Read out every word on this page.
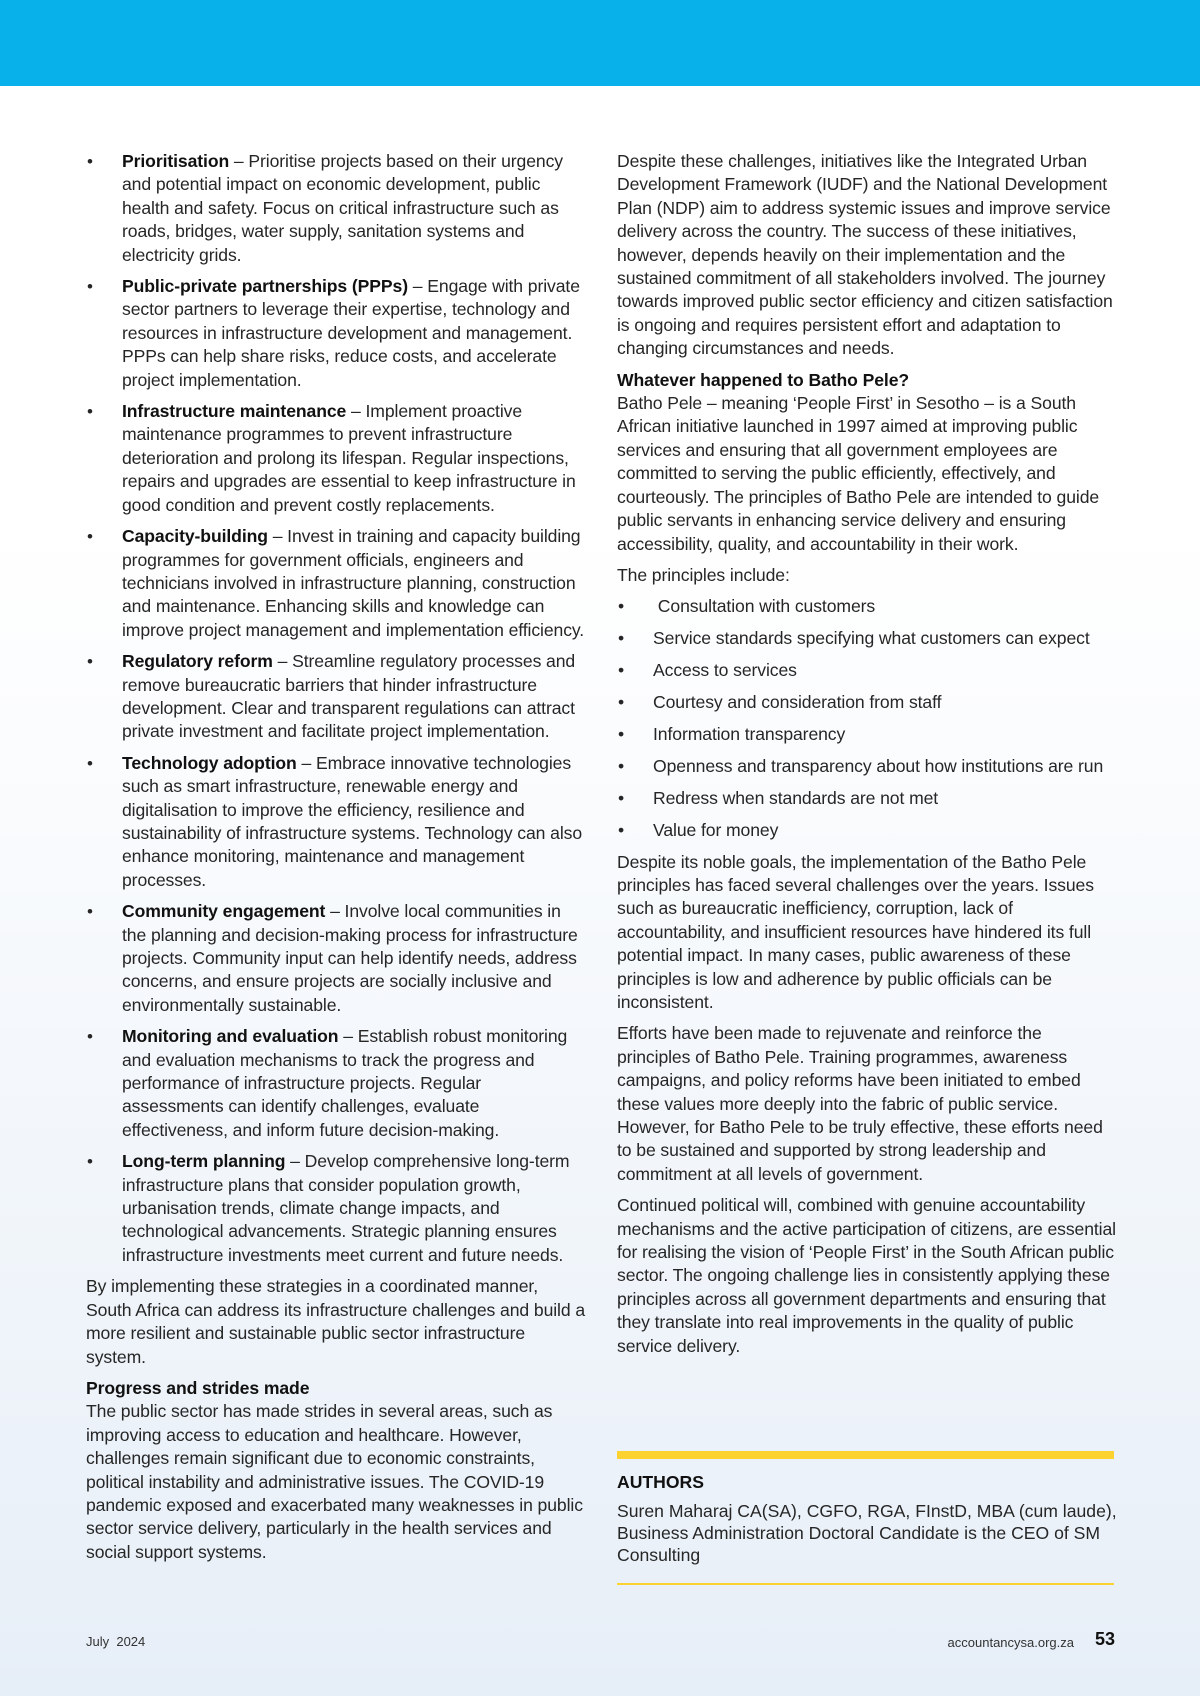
• Prioritisation – Prioritise projects based on their urgency and potential impact on economic development, public health and safety. Focus on critical infrastructure such as roads, bridges, water supply, sanitation systems and electricity grids.
• Public-private partnerships (PPPs) – Engage with private sector partners to leverage their expertise, technology and resources in infrastructure development and management. PPPs can help share risks, reduce costs, and accelerate project implementation.
• Infrastructure maintenance – Implement proactive maintenance programmes to prevent infrastructure deterioration and prolong its lifespan. Regular inspections, repairs and upgrades are essential to keep infrastructure in good condition and prevent costly replacements.
• Capacity-building – Invest in training and capacity building programmes for government officials, engineers and technicians involved in infrastructure planning, construction and maintenance. Enhancing skills and knowledge can improve project management and implementation efficiency.
• Regulatory reform – Streamline regulatory processes and remove bureaucratic barriers that hinder infrastructure development. Clear and transparent regulations can attract private investment and facilitate project implementation.
• Technology adoption – Embrace innovative technologies such as smart infrastructure, renewable energy and digitalisation to improve the efficiency, resilience and sustainability of infrastructure systems. Technology can also enhance monitoring, maintenance and management processes.
• Community engagement – Involve local communities in the planning and decision-making process for infrastructure projects. Community input can help identify needs, address concerns, and ensure projects are socially inclusive and environmentally sustainable.
• Monitoring and evaluation – Establish robust monitoring and evaluation mechanisms to track the progress and performance of infrastructure projects. Regular assessments can identify challenges, evaluate effectiveness, and inform future decision-making.
• Long-term planning – Develop comprehensive long-term infrastructure plans that consider population growth, urbanisation trends, climate change impacts, and technological advancements. Strategic planning ensures infrastructure investments meet current and future needs.

By implementing these strategies in a coordinated manner, South Africa can address its infrastructure challenges and build a more resilient and sustainable public sector infrastructure system.

Progress and strides made

The public sector has made strides in several areas, such as improving access to education and healthcare. However, challenges remain significant due to economic constraints, political instability and administrative issues. The COVID-19 pandemic exposed and exacerbated many weaknesses in public sector service delivery, particularly in the health services and social support systems.

Despite these challenges, initiatives like the Integrated Urban Development Framework (IUDF) and the National Development Plan (NDP) aim to address systemic issues and improve service delivery across the country. The success of these initiatives, however, depends heavily on their implementation and the sustained commitment of all stakeholders involved. The journey towards improved public sector efficiency and citizen satisfaction is ongoing and requires persistent effort and adaptation to changing circumstances and needs.

Whatever happened to Batho Pele?

Batho Pele – meaning ‘People First’ in Sesotho – is a South African initiative launched in 1997 aimed at improving public services and ensuring that all government employees are committed to serving the public efficiently, effectively, and courteously. The principles of Batho Pele are intended to guide public servants in enhancing service delivery and ensuring accessibility, quality, and accountability in their work.

The principles include:

• Consultation with customers
• Service standards specifying what customers can expect
• Access to services
• Courtesy and consideration from staff
• Information transparency
• Openness and transparency about how institutions are run
• Redress when standards are not met
• Value for money

Despite its noble goals, the implementation of the Batho Pele principles has faced several challenges over the years. Issues such as bureaucratic inefficiency, corruption, lack of accountability, and insufficient resources have hindered its full potential impact. In many cases, public awareness of these principles is low and adherence by public officials can be inconsistent.

Efforts have been made to rejuvenate and reinforce the principles of Batho Pele. Training programmes, awareness campaigns, and policy reforms have been initiated to embed these values more deeply into the fabric of public service. However, for Batho Pele to be truly effective, these efforts need to be sustained and supported by strong leadership and commitment at all levels of government.

Continued political will, combined with genuine accountability mechanisms and the active participation of citizens, are essential for realising the vision of ‘People First’ in the South African public sector. The ongoing challenge lies in consistently applying these principles across all government departments and ensuring that they translate into real improvements in the quality of public service delivery.

AUTHORS

Suren Maharaj CA(SA), CGFO, RGA, FInstD, MBA (cum laude), Business Administration Doctoral Candidate is the CEO of SM Consulting

July  2024	accountancysa.org.za 53
